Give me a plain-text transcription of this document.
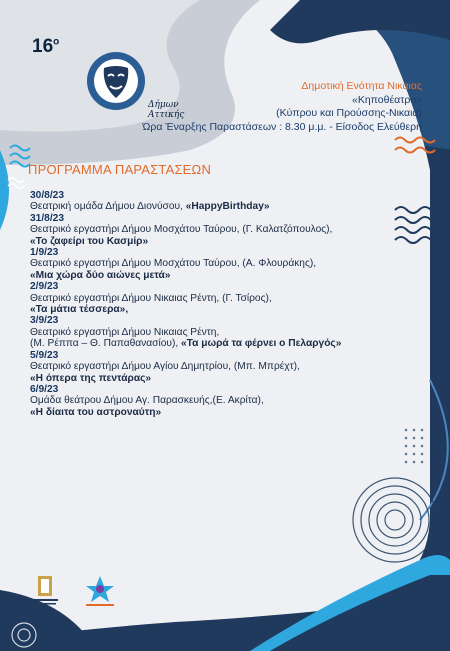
$16^o$
Δήμων Αττικής
Δημοτική Ενότητα Νικαιας
«Κηποθέατρο»
(Κύπρου και Προύσσης-Νικαια)
Ώρα Έναρξης Παραστάσεων : 8.30 μ.μ. - Είσοδος Ελεύθερη
ΠΡΟΓΡΑΜΜΑ ΠΑΡΑΣΤΑΣΕΩΝ
30/8/23
Θεατρική ομάδα Δήμου Διονύσου, «HappyBirthday»
31/8/23
Θεατρικό εργαστήρι Δήμου Μοσχάτου Ταύρου, (Γ. Καλατζόπουλος),
«Το ζαφείρι του Κασμίρ»
1/9/23
Θεατρικό εργαστήρι Δήμου Μοσχάτου Ταύρου, (Α. Φλουράκης),
«Μια χώρα δύο αιώνες μετά»
2/9/23
Θεατρικό εργαστήρι Δήμου Νικαιας Ρέντη, (Γ. Τσίρος),
«Τα μάτια τέσσερα»,
3/9/23
Θεατρικό εργαστήρι Δήμου Νικαιας Ρέντη,
(Μ. Ρέππα – Θ. Παπαθανασίου), «Τα μωρά τα φέρνει ο Πελαργός»
5/9/23
Θεατρικό εργαστήρι Δήμου Αγίου Δημητρίου, (Μπ. Μπρέχτ),
«Η όπερα της πεντάρας»
6/9/23
Ομάδα θεάτρου Δήμου Αγ. Παρασκευής,(Ε. Ακρίτα),
«Η δίαιτα του αστροναύτη»
